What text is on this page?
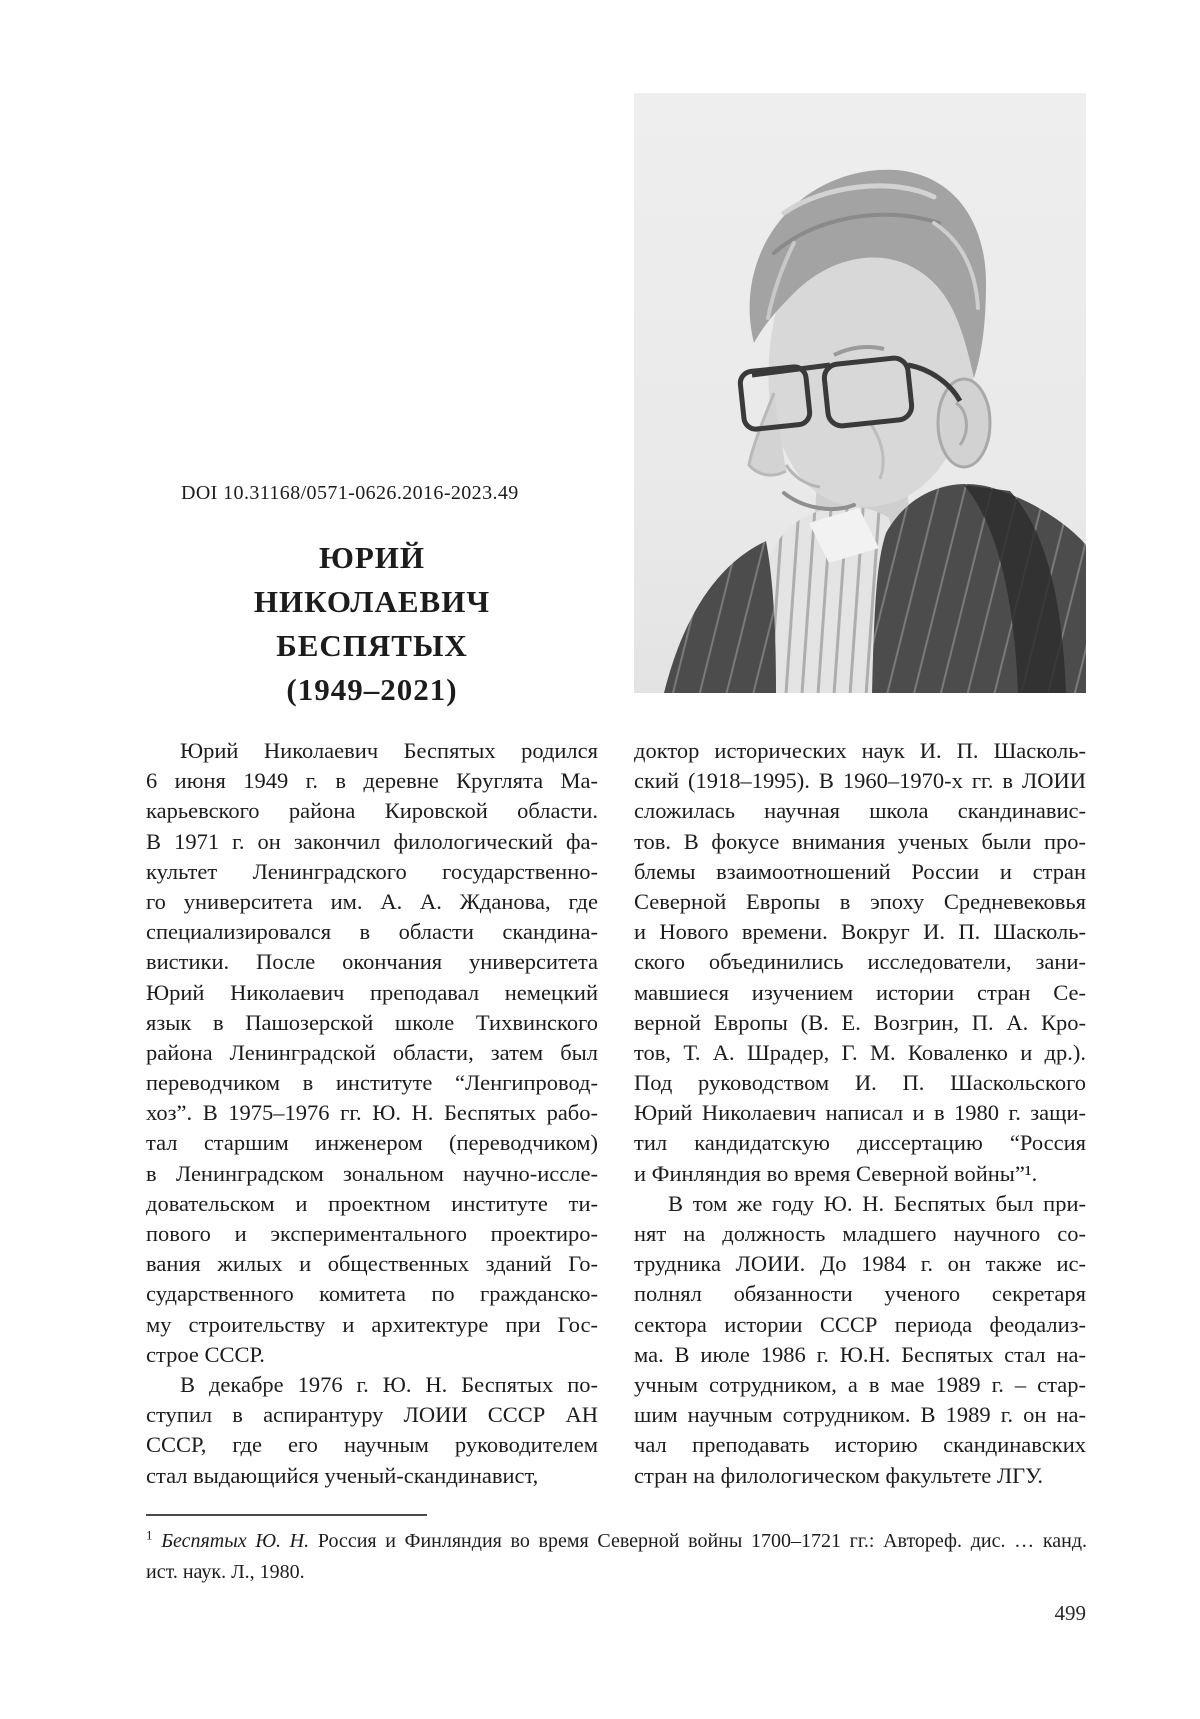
DOI 10.31168/0571-0626.2016-2023.49
ЮРИЙ
НИКОЛАЕВИЧ
БЕСПЯТЫХ
(1949–2021)
Юрий Николаевич Беспятых родился
6 июня 1949 г. в деревне Круглята Ма-
карьевского района Кировской области.
В 1971 г. он закончил филологический фа-
культет Ленинградского государственно-
го университета им. А. А. Жданова, где
специализировался в области скандина-
вистики. После окончания университета
Юрий Николаевич преподавал немецкий
язык в Пашозерской школе Тихвинского
района Ленинградской области, затем был
переводчиком в институте “Ленгипровод-
хоз”. В 1975–1976 гг. Ю. Н. Беспятых рабо-
тал старшим инженером (переводчиком)
в Ленинградском зональном научно-иссле-
довательском и проектном институте ти-
пового и экспериментального проектиро-
вания жилых и общественных зданий Го-
сударственного комитета по гражданско-
му строительству и архитектуре при Гос-
строе СССР.
В декабре 1976 г. Ю. Н. Беспятых по-
ступил в аспирантуру ЛОИИ СССР АН
СССР, где его научным руководителем
стал выдающийся ученый-скандинавист,
доктор исторических наук И. П. Шасколь-
ский (1918–1995). В 1960–1970-х гг. в ЛОИИ
сложилась научная школа скандинавис-
тов. В фокусе внимания ученых были про-
блемы взаимоотношений России и стран
Северной Европы в эпоху Средневековья
и Нового времени. Вокруг И. П. Шасколь-
ского объединились исследователи, зани-
мавшиеся изучением истории стран Се-
верной Европы (В. Е. Возгрин, П. А. Кро-
тов, Т. А. Шрадер, Г. М. Коваленко и др.).
Под руководством И. П. Шаскольского
Юрий Николаевич написал и в 1980 г. защи-
тил кандидатскую диссертацию “Россия
и Финляндия во время Северной войны”¹.
В том же году Ю. Н. Беспятых был при-
нят на должность младшего научного со-
трудника ЛОИИ. До 1984 г. он также ис-
полнял обязанности ученого секретаря
сектора истории СССР периода феодализ-
ма. В июле 1986 г. Ю.Н. Беспятых стал на-
учным сотрудником, а в мае 1989 г. – стар-
шим научным сотрудником. В 1989 г. он на-
чал преподавать историю скандинавских
стран на филологическом факультете ЛГУ.
$^1$ Беспятых Ю. Н. Россия и Финляндия во время Северной войны 1700–1721 гг.: Автореф. дис. … канд.
ист. наук. Л., 1980.
499
